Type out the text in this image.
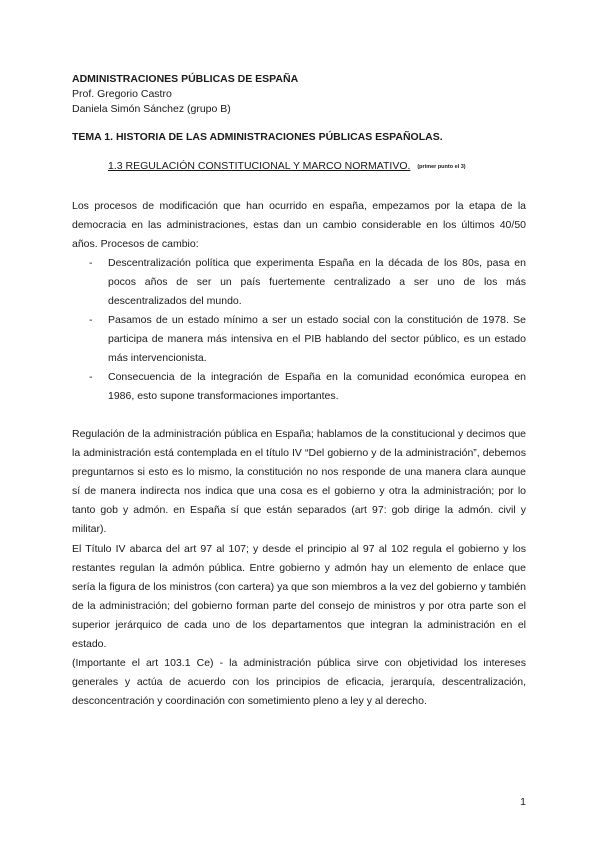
ADMINISTRACIONES PÚBLICAS DE ESPAÑA
Prof. Gregorio Castro
Daniela Simón Sánchez (grupo B)
TEMA 1. HISTORIA DE LAS ADMINISTRACIONES PÚBLICAS ESPAÑOLAS.
1.3 REGULACIÓN CONSTITUCIONAL Y MARCO NORMATIVO. (primer punto el 3)

Los procesos de modificación que han ocurrido en españa, empezamos por la etapa de la democracia en las administraciones, estas dan un cambio considerable en los últimos 40/50 años. Procesos de cambio:

- Descentralización política que experimenta España en la década de los 80s, pasa en pocos años de ser un país fuertemente centralizado a ser uno de los más descentralizados del mundo.
- Pasamos de un estado mínimo a ser un estado social con la constitución de 1978. Se participa de manera más intensiva en el PIB hablando del sector público, es un estado más intervencionista.
- Consecuencia de la integración de España en la comunidad económica europea en 1986, esto supone transformaciones importantes.

Regulación de la administración pública en España; hablamos de la constitucional y decimos que la administración está contemplada en el título IV “Del gobierno y de la administración”, debemos preguntarnos si esto es lo mismo, la constitución no nos responde de una manera clara aunque sí de manera indirecta nos indica que una cosa es el gobierno y otra la administración; por lo tanto gob y admón. en España sí que están separados (art 97: gob dirige la admón. civil y militar).

El Título IV abarca del art 97 al 107; y desde el principio al 97 al 102 regula el gobierno y los restantes regulan la admón pública. Entre gobierno y admón hay un elemento de enlace que sería la figura de los ministros (con cartera) ya que son miembros a la vez del gobierno y también de la administración; del gobierno forman parte del consejo de ministros y por otra parte son el superior jerárquico de cada uno de los departamentos que integran la administración en el estado.

(Importante el art 103.1 Ce) - la administración pública sirve con objetividad los intereses generales y actúa de acuerdo con los principios de eficacia, jerarquía, descentralización, desconcentración y coordinación con sometimiento pleno a ley y al derecho.

1
